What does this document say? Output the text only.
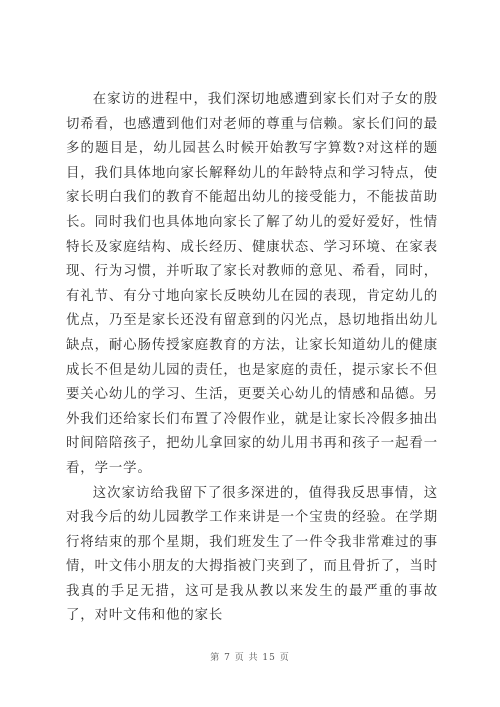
在家访的进程中，我们深切地感遭到家长们对子女的殷切希看，也感遭到他们对老师的尊重与信赖。家长们问的最多的题目是，幼儿园甚么时候开始教写字算数?对这样的题目，我们具体地向家长解释幼儿的年龄特点和学习特点，使家长明白我们的教育不能超出幼儿的接受能力，不能拔苗助长。同时我们也具体地向家长了解了幼儿的爱好爱好，性情特长及家庭结构、成长经历、健康状态、学习环境、在家表现、行为习惯，并听取了家长对教师的意见、希看，同时，有礼节、有分寸地向家长反映幼儿在园的表现，肯定幼儿的优点，乃至是家长还没有留意到的闪光点，恳切地指出幼儿缺点，耐心肠传授家庭教育的方法，让家长知道幼儿的健康成长不但是幼儿园的责任，也是家庭的责任，提示家长不但要关心幼儿的学习、生活，更要关心幼儿的情感和品德。另外我们还给家长们布置了冷假作业，就是让家长冷假多抽出时间陪陪孩子，把幼儿拿回家的幼儿用书再和孩子一起看一看，学一学。

这次家访给我留下了很多深进的，值得我反思事情，这对我今后的幼儿园教学工作来讲是一个宝贵的经验。在学期行将结束的那个星期，我们班发生了一件令我非常难过的事情，叶文伟小朋友的大拇指被门夹到了，而且骨折了，当时我真的手足无措，这可是我从教以来发生的最严重的事故了，对叶文伟和他的家长

第 7 页 共 15 页
